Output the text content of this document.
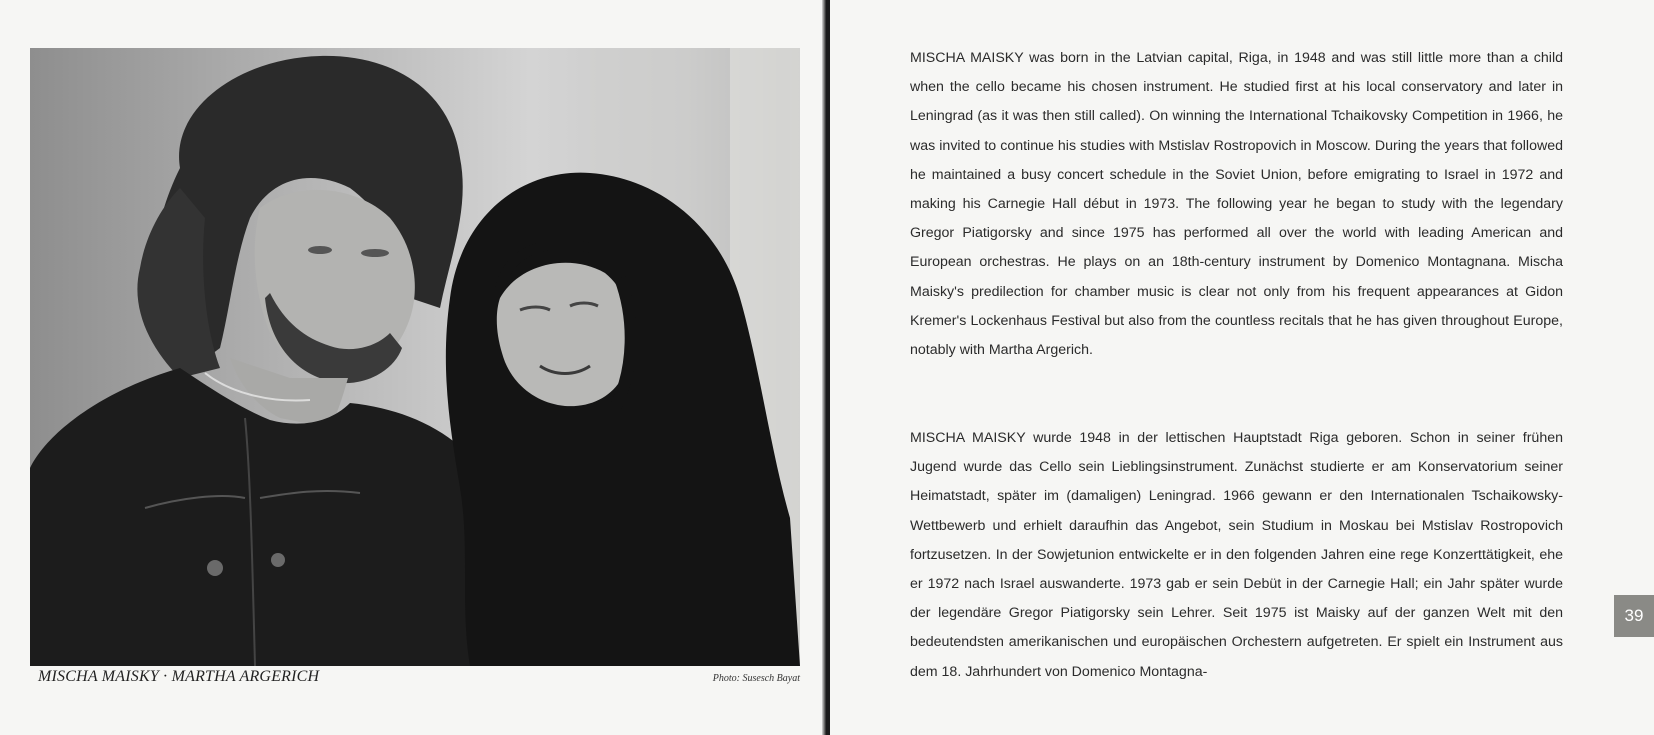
MISCHA MAISKY · MARTHA ARGERICH	Photo: Susesch Bayat
MISCHA MAISKY was born in the Latvian capital, Riga, in 1948 and was still little more than a child when the cello became his chosen instrument. He studied first at his local conservatory and later in Leningrad (as it was then still called). On winning the International Tchaikovsky Competition in 1966, he was invited to continue his studies with Mstislav Rostropovich in Moscow. During the years that followed he maintained a busy concert schedule in the Soviet Union, before emigrating to Israel in 1972 and making his Carnegie Hall début in 1973. The following year he began to study with the legendary Gregor Piatigorsky and since 1975 has performed all over the world with leading American and European orchestras. He plays on an 18th-century instrument by Domenico Montagnana. Mischa Maisky's predilection for chamber music is clear not only from his frequent appearances at Gidon Kremer's Lockenhaus Festival but also from the countless recitals that he has given throughout Europe, notably with Martha Argerich.
MISCHA MAISKY wurde 1948 in der lettischen Hauptstadt Riga geboren. Schon in seiner frühen Jugend wurde das Cello sein Lieblingsinstrument. Zunächst studierte er am Konservatorium seiner Heimatstadt, später im (damaligen) Leningrad. 1966 gewann er den Internationalen Tschaikowsky-Wettbewerb und erhielt daraufhin das Angebot, sein Studium in Moskau bei Mstislav Rostropovich fortzusetzen. In der Sowjetunion entwickelte er in den folgenden Jahren eine rege Konzerttätigkeit, ehe er 1972 nach Israel auswanderte. 1973 gab er sein Debüt in der Carnegie Hall; ein Jahr später wurde der legendäre Gregor Piatigorsky sein Lehrer. Seit 1975 ist Maisky auf der ganzen Welt mit den bedeutendsten amerikanischen und europäischen Orchestern aufgetreten. Er spielt ein Instrument aus dem 18. Jahrhundert von Domenico Montagna-
39
